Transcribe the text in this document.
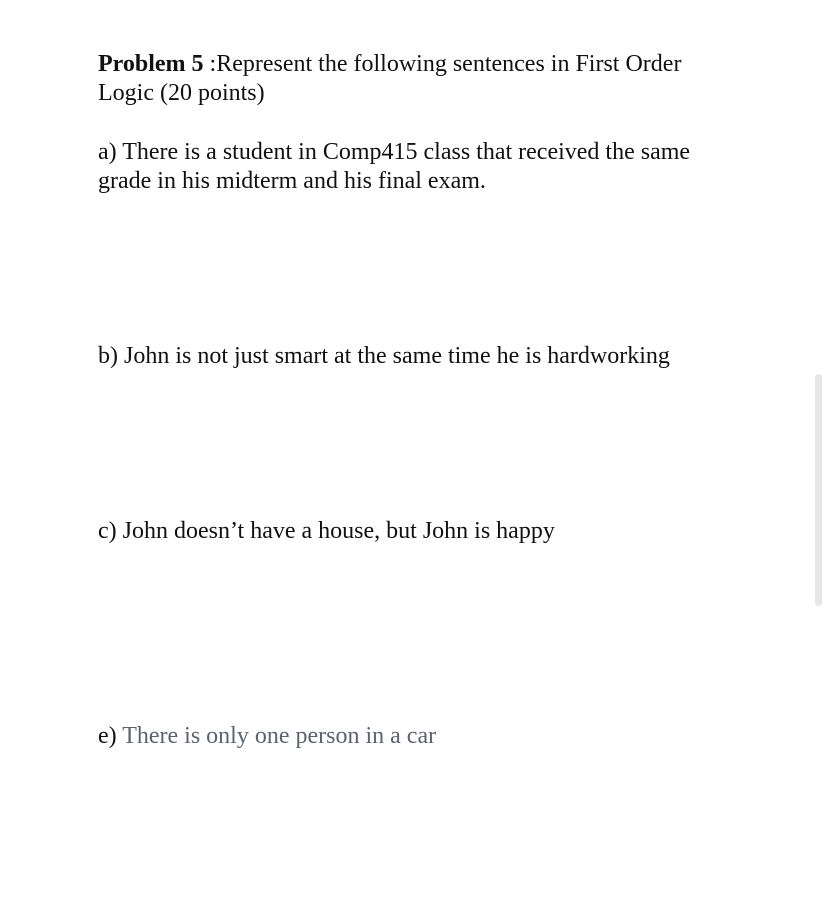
Problem 5 :Represent the following sentences in First Order Logic (20 points)

a) There is a student in Comp415 class that received the same grade in his midterm and his final exam.

b) John is not just smart at the same time he is hardworking

c) John doesn’t have a house, but John is happy

e) There is only one person in a car
